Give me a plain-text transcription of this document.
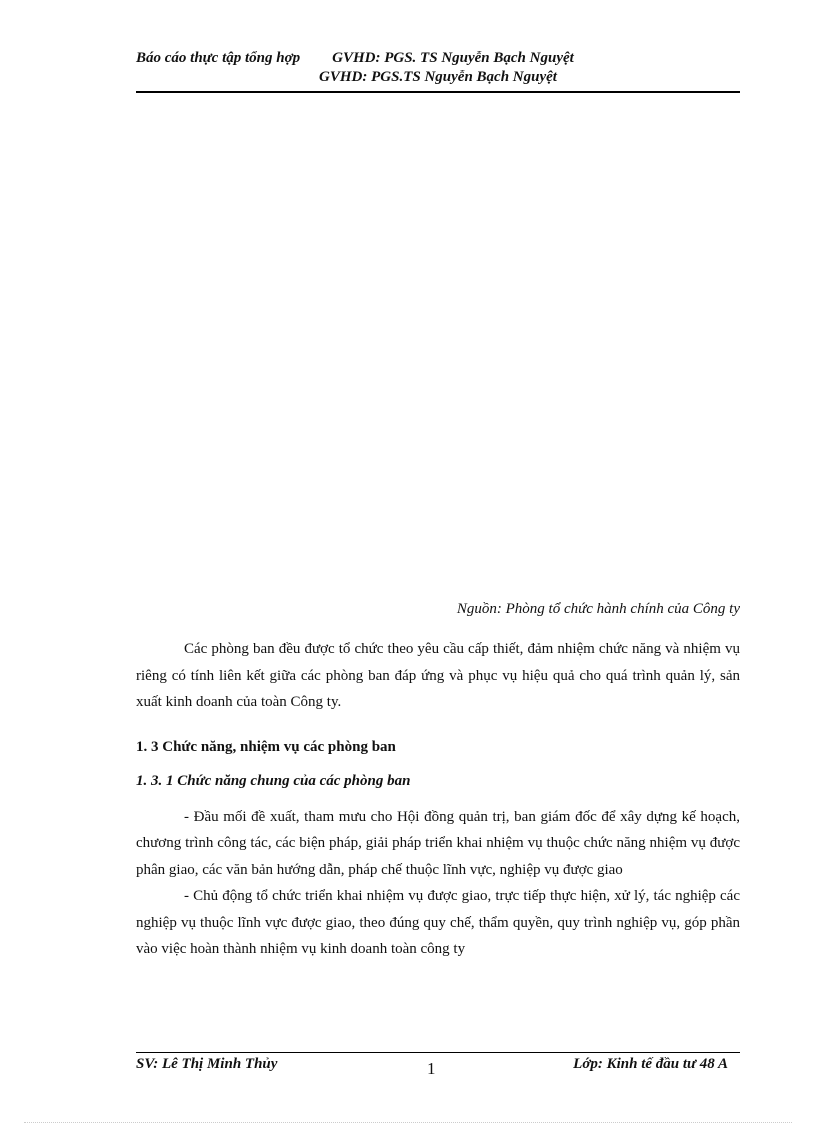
Báo cáo thực tập tổng hợp GVHD: PGS. TS Nguyễn Bạch Nguyệt
GVHD: PGS.TS Nguyễn Bạch Nguyệt
Nguồn: Phòng tổ chức hành chính của Công ty

Các phòng ban đều được tổ chức theo yêu cầu cấp thiết, đảm nhiệm chức năng và nhiệm vụ riêng có tính liên kết giữa các phòng ban đáp ứng và phục vụ hiệu quả cho quá trình quản lý, sản xuất kinh doanh của toàn Công ty.

1. 3 Chức năng, nhiệm vụ các phòng ban

1. 3. 1 Chức năng chung của các phòng ban

- Đầu mối đề xuất, tham mưu cho Hội đồng quản trị, ban giám đốc để xây dựng kế hoạch, chương trình công tác, các biện pháp, giải pháp triển khai nhiệm vụ thuộc chức năng nhiệm vụ được phân giao, các văn bản hướng dẫn, pháp chế thuộc lĩnh vực, nghiệp vụ được giao

- Chủ động tổ chức triển khai nhiệm vụ được giao, trực tiếp thực hiện, xử lý, tác nghiệp các nghiệp vụ thuộc lĩnh vực được giao, theo đúng quy chế, thẩm quyền, quy trình nghiệp vụ, góp phần vào việc hoàn thành nhiệm vụ kinh doanh toàn công ty

SV: Lê Thị Minh Thủy	1	Lớp: Kinh tế đầu tư 48 A
